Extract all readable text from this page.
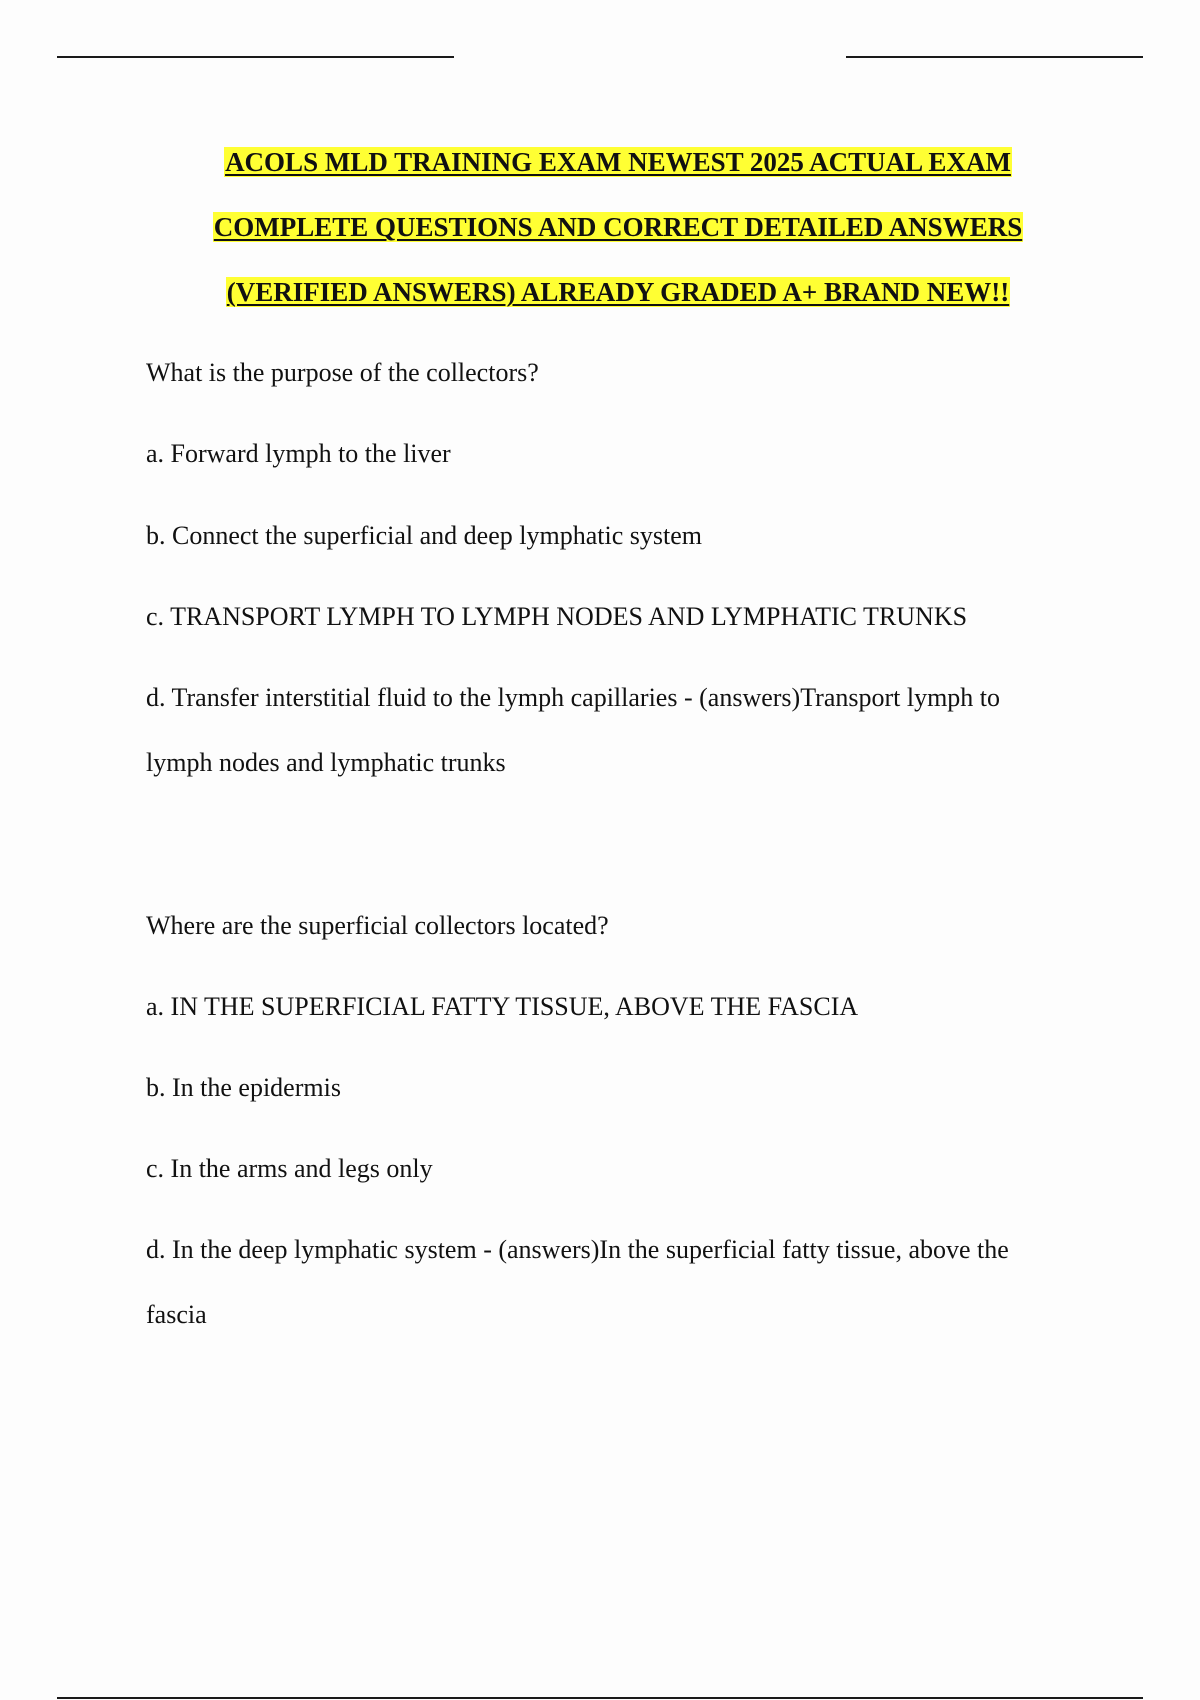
ACOLS MLD TRAINING EXAM NEWEST 2025 ACTUAL EXAM
COMPLETE QUESTIONS AND CORRECT DETAILED ANSWERS
(VERIFIED ANSWERS) ALREADY GRADED A+ BRAND NEW!!
What is the purpose of the collectors?
a. Forward lymph to the liver
b. Connect the superficial and deep lymphatic system
c. TRANSPORT LYMPH TO LYMPH NODES AND LYMPHATIC TRUNKS
d. Transfer interstitial fluid to the lymph capillaries - (answers)Transport lymph to
lymph nodes and lymphatic trunks
Where are the superficial collectors located?
a. IN THE SUPERFICIAL FATTY TISSUE, ABOVE THE FASCIA
b. In the epidermis
c. In the arms and legs only
d. In the deep lymphatic system - (answers)In the superficial fatty tissue, above the
fascia
